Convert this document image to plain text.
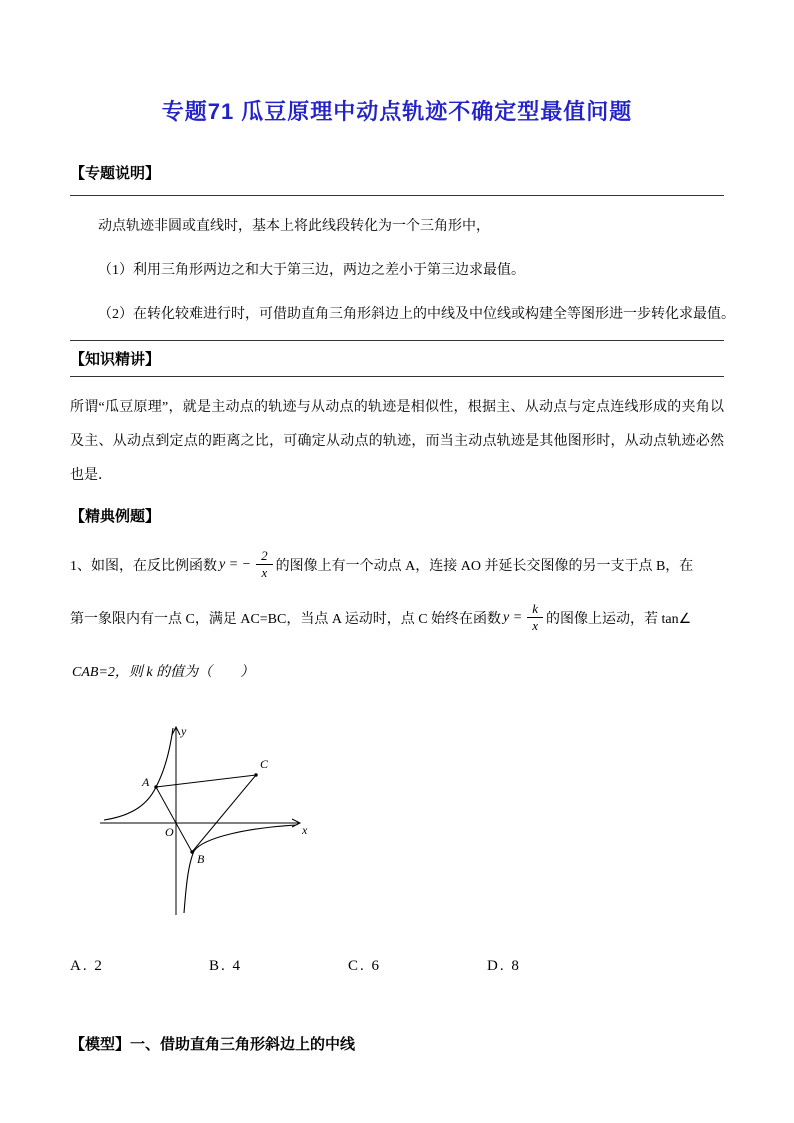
专题71 瓜豆原理中动点轨迹不确定型最值问题
【专题说明】

动点轨迹非圆或直线时，基本上将此线段转化为一个三角形中，

（1）利用三角形两边之和大于第三边，两边之差小于第三边求最值。

（2）在转化较难进行时，可借助直角三角形斜边上的中线及中位线或构建全等图形进一步转化求最值。

【知识精讲】

所谓“瓜豆原理”，就是主动点的轨迹与从动点的轨迹是相似性，根据主、从动点与定点连线形成的夹角以及主、从动点到定点的距离之比，可确定从动点的轨迹，而当主动点轨迹是其他图形时，从动点轨迹必然也是．

【精典例题】
1、如图，在反比例函数 y = − $\frac{2}{x}$ 的图像上有一个动点 A，连接 AO 并延长交图像的另一支于点 B，在
第一象限内有一点 C，满足 AC=BC，当点 A 运动时，点 C 始终在函数 $y = \frac{k}{x}$ 的图像上运动，若 tan∠
CAB=2，则 k 的值为（　　）
y
x
O
A
B
C
A. 2	B. 4	C. 6	D. 8
【模型】一、借助直角三角形斜边上的中线
